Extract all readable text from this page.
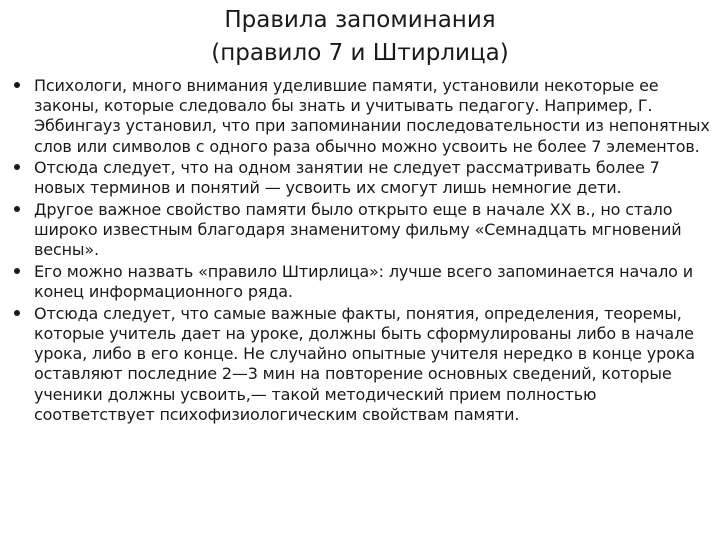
Правила запоминания
(правило 7 и Штирлица)
Психологи, много внимания уделившие памяти, установили некоторые ее законы, которые следовало бы знать и учитывать педагогу. Например, Г. Эббингауз установил, что при запоминании последовательности из непонятных слов или символов с одного раза обычно можно усвоить не более 7 элементов.
Отсюда следует, что на одном занятии не следует рассматривать более 7 новых терминов и понятий — усвоить их смогут лишь немногие дети.
Другое важное свойство памяти было открыто еще в начале XX в., но стало широко известным благодаря знаменитому фильму «Семнадцать мгновений весны».
Его можно назвать «правило Штирлица»: лучше всего запоминается начало и конец информационного ряда.
Отсюда следует, что самые важные факты, понятия, определения, теоремы, которые учитель дает на уроке, должны быть сформулированы либо в начале урока, либо в его конце. Не случайно опытные учителя нередко в конце урока оставляют последние 2—3 мин на повторение основных сведений, которые ученики должны усвоить,— такой методический прием полностью соответствует психофизиологическим свойствам памяти.
